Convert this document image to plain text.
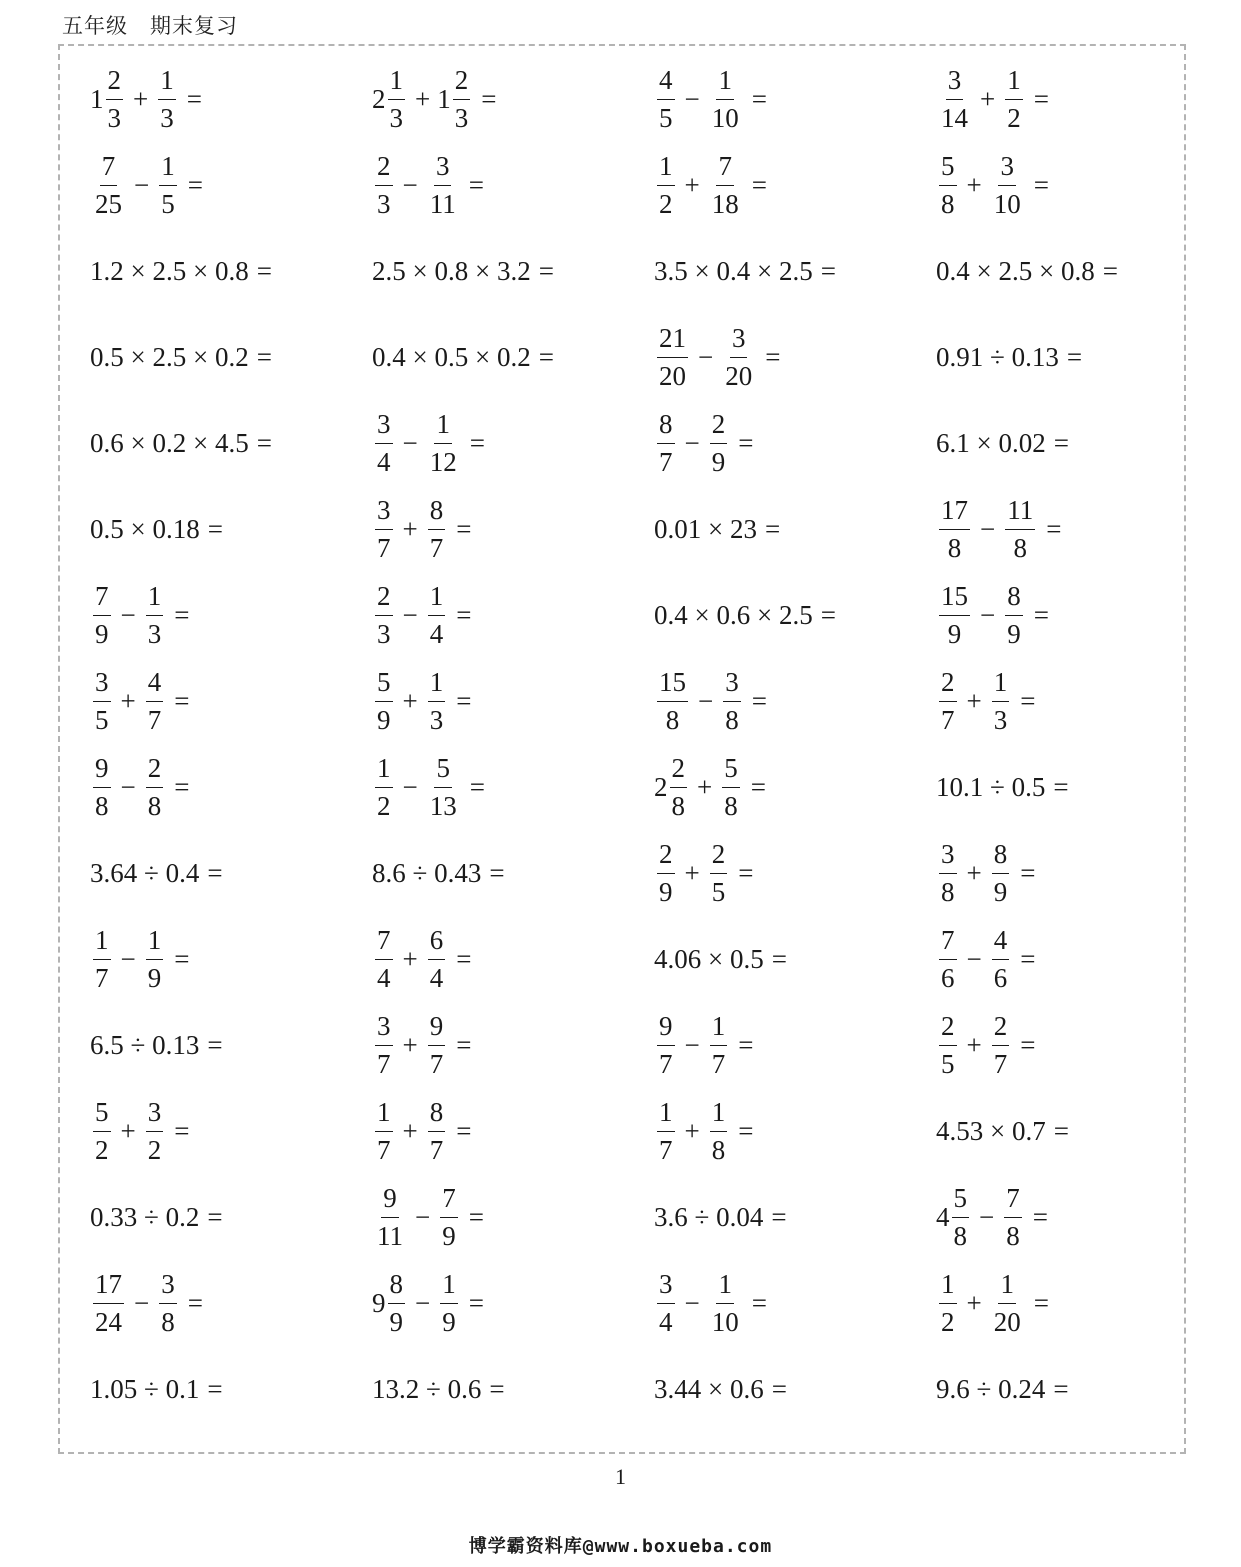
五年级 期末复习
$1 \frac{2}{3} + \frac{1}{3}$ =	$2 \frac{1}{3} + 1 \frac{2}{3}$ =	$\frac{4}{5} - \frac{1}{10}$ =	$\frac{3}{14} + \frac{1}{2}$ =
$\frac{7}{25} - \frac{1}{5}$ =	$\frac{2}{3} - \frac{3}{11}$ =	$\frac{1}{2} + \frac{7}{18}$ =	$\frac{5}{8} + \frac{3}{10}$ =
1.2 × 2.5 × 0.8 =	2.5 × 0.8 × 3.2 =	3.5 × 0.4 × 2.5 =	0.4 × 2.5 × 0.8 =
0.5 × 2.5 × 0.2 =	0.4 × 0.5 × 0.2 =	$\frac{21}{20} - \frac{3}{20}$ =	0.91 ÷ 0.13 =
0.6 × 0.2 × 4.5 =	$\frac{3}{4} - \frac{1}{12}$ =	$\frac{8}{7} - \frac{2}{9}$ =	6.1 × 0.02 =
0.5 × 0.18 =	$\frac{3}{7} + \frac{8}{7}$ =	0.01 × 23 =	$\frac{17}{8} - \frac{11}{8}$ =
$\frac{7}{9} - \frac{1}{3}$ =	$\frac{2}{3} - \frac{1}{4}$ =	0.4 × 0.6 × 2.5 =	$\frac{15}{9} - \frac{8}{9}$ =
$\frac{3}{5} + \frac{4}{7}$ =	$\frac{5}{9} + \frac{1}{3}$ =	$\frac{15}{8} - \frac{3}{8}$ =	$\frac{2}{7} + \frac{1}{3}$ =
$\frac{9}{8} - \frac{2}{8}$ =	$\frac{1}{2} - \frac{5}{13}$ =	$2 \frac{2}{8} + \frac{5}{8}$ =	10.1 ÷ 0.5 =
3.64 ÷ 0.4 =	8.6 ÷ 0.43 =	$\frac{2}{9} + \frac{2}{5}$ =	$\frac{3}{8} + \frac{8}{9}$ =
$\frac{1}{7} - \frac{1}{9}$ =	$\frac{7}{4} + \frac{6}{4}$ =	4.06 × 0.5 =	$\frac{7}{6} - \frac{4}{6}$ =
6.5 ÷ 0.13 =	$\frac{3}{7} + \frac{9}{7}$ =	$\frac{9}{7} - \frac{1}{7}$ =	$\frac{2}{5} + \frac{2}{7}$ =
$\frac{5}{2} + \frac{3}{2}$ =	$\frac{1}{7} + \frac{8}{7}$ =	$\frac{1}{7} + \frac{1}{8}$ =	4.53 × 0.7 =
0.33 ÷ 0.2 =	$\frac{9}{11} - \frac{7}{9}$ =	3.6 ÷ 0.04 =	$4 \frac{5}{8} - \frac{7}{8}$ =
$\frac{17}{24} - \frac{3}{8}$ =	$9 \frac{8}{9} - \frac{1}{9}$ =	$\frac{3}{4} - \frac{1}{10}$ =	$\frac{1}{2} + \frac{1}{20}$ =
1.05 ÷ 0.1 =	13.2 ÷ 0.6 =	3.44 × 0.6 =	9.6 ÷ 0.24 =
1
博学霸资料库@www.boxueba.com
